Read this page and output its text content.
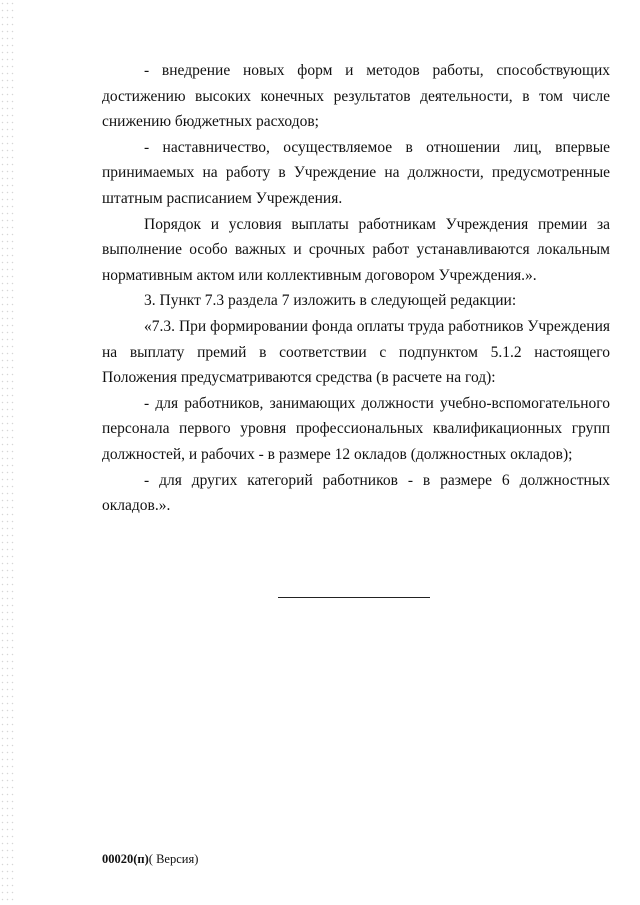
- внедрение новых форм и методов работы, способствующих достижению высоких конечных результатов деятельности, в том числе снижению бюджетных расходов;

- наставничество, осуществляемое в отношении лиц, впервые принимаемых на работу в Учреждение на должности, предусмотренные штатным расписанием Учреждения.

Порядок и условия выплаты работникам Учреждения премии за выполнение особо важных и срочных работ устанавливаются локальным нормативным актом или коллективным договором Учреждения.».

3. Пункт 7.3 раздела 7 изложить в следующей редакции:

«7.3. При формировании фонда оплаты труда работников Учреждения на выплату премий в соответствии с подпунктом 5.1.2 настоящего Положения предусматриваются средства (в расчете на год):

- для работников, занимающих должности учебно-вспомогательного персонала первого уровня профессиональных квалификационных групп должностей, и рабочих - в размере 12 окладов (должностных окладов);

- для других категорий работников - в размере 6 должностных окладов.».

00020(п)( Версия)
